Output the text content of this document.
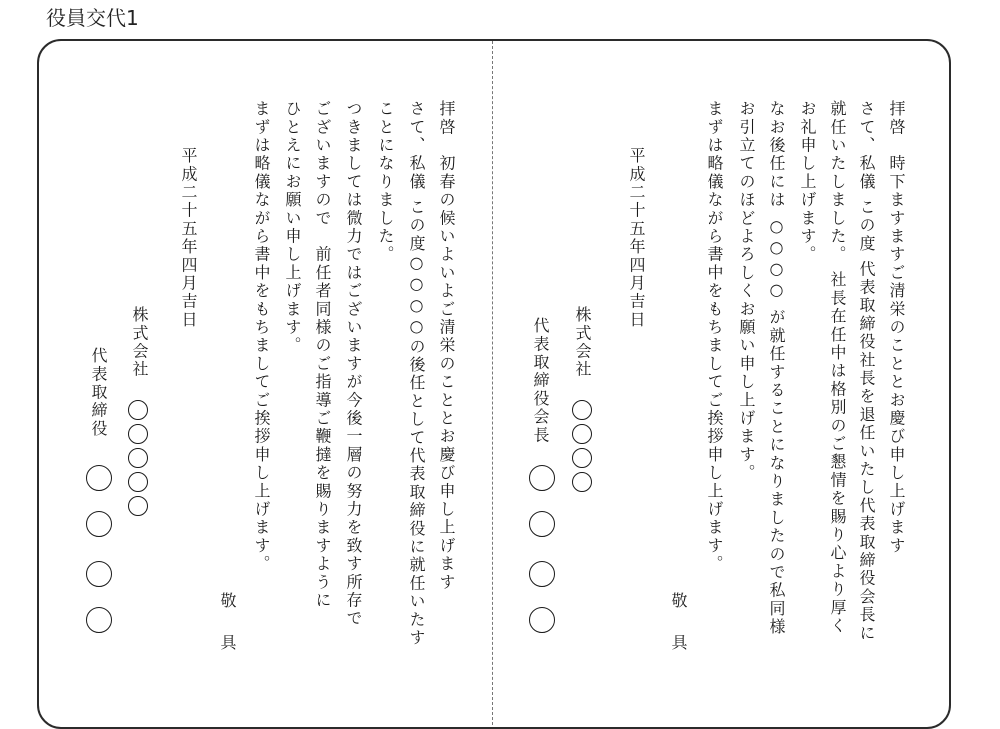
役員交代1

拝啓　時下ますますご清栄のこととお慶び申し上げます

さて、私儀 この度 代表取締役社長を退任いたし代表取締役会長に

就任いたしました。 社長在任中は格別のご懇情を賜り心より厚く

お礼申し上げます。

なお後任には ○○○○ が就任することになりましたので私同様

お引立てのほどよろしくお願い申し上げます。

まずは略儀ながら書中をもちましてご挨拶申し上げます。

敬具

平成二十五年四月吉日

株式会社

代表取締役会長

拝啓　初春の候いよいよご清栄のこととお慶び申し上げます

さて、私儀 この度○○○○の後任として代表取締役に就任いたす

ことになりました。

つきましては微力ではございますが今後一層の努力を致す所存で

ございますので　前任者同様のご指導ご鞭撻を賜りますように

ひとえにお願い申し上げます。

まずは略儀ながら書中をもちましてご挨拶申し上げます。

敬具

平成二十五年四月吉日

株式会社

代表取締役
